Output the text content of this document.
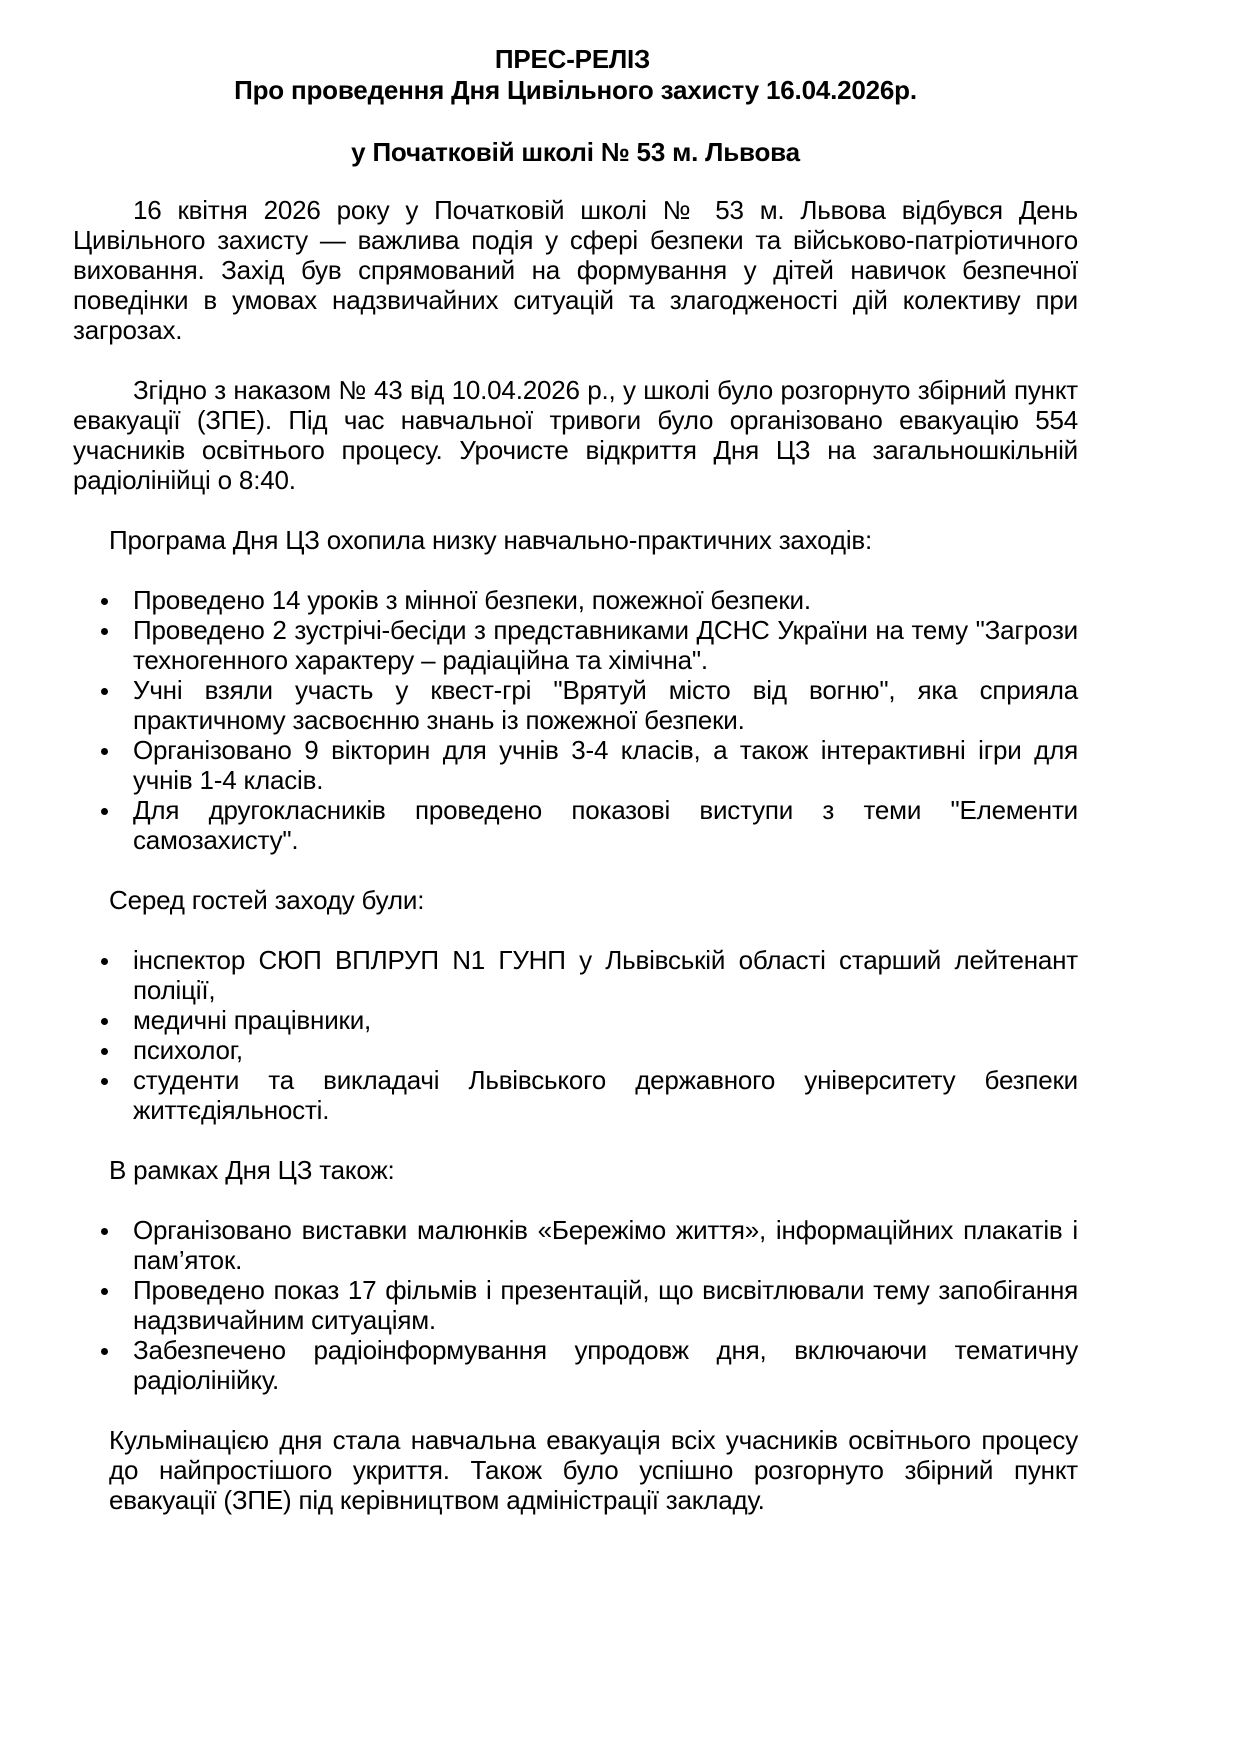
ПРЕС-РЕЛІЗ
Про проведення Дня Цивільного захисту 16.04.2026р.
у Початковій школі № 53 м. Львова

16 квітня 2026 року у Початковій школі № 53 м. Львова відбувся День Цивільного захисту — важлива подія у сфері безпеки та військово-патріотичного виховання. Захід був спрямований на формування у дітей навичок безпечної поведінки в умовах надзвичайних ситуацій та злагодженості дій колективу при загрозах.

Згідно з наказом № 43 від 10.04.2026 р., у школі було розгорнуто збірний пункт евакуації (ЗПЕ). Під час навчальної тривоги було організовано евакуацію 554 учасників освітнього процесу. Урочисте відкриття Дня ЦЗ на загальношкільній радіолінійці о 8:40.

Програма Дня ЦЗ охопила низку навчально-практичних заходів:

Проведено 14 уроків з мінної безпеки, пожежної безпеки.
Проведено 2 зустрічі-бесіди з представниками ДСНС України на тему "Загрози техногенного характеру – радіаційна та хімічна".
Учні взяли участь у квест-грі "Врятуй місто від вогню", яка сприяла практичному засвоєнню знань із пожежної безпеки.
Організовано 9 вікторин для учнів 3-4 класів, а також інтерактивні ігри для учнів 1-4 класів.
Для другокласників проведено показові виступи з теми "Елементи самозахисту".

Серед гостей заходу були:

інспектор СЮП ВПЛРУП N1 ГУНП у Львівській області старший лейтенант поліції,
медичні працівники,
психолог,
студенти та викладачі Львівського державного університету безпеки життєдіяльності.

В рамках Дня ЦЗ також:

Організовано виставки малюнків «Бережімо життя», інформаційних плакатів і пам’яток.
Проведено показ 17 фільмів і презентацій, що висвітлювали тему запобігання надзвичайним ситуаціям.
Забезпечено радіоінформування упродовж дня, включаючи тематичну радіолінійку.

Кульмінацією дня стала навчальна евакуація всіх учасників освітнього процесу до найпростішого укриття. Також було успішно розгорнуто збірний пункт евакуації (ЗПЕ) під керівництвом адміністрації закладу.
